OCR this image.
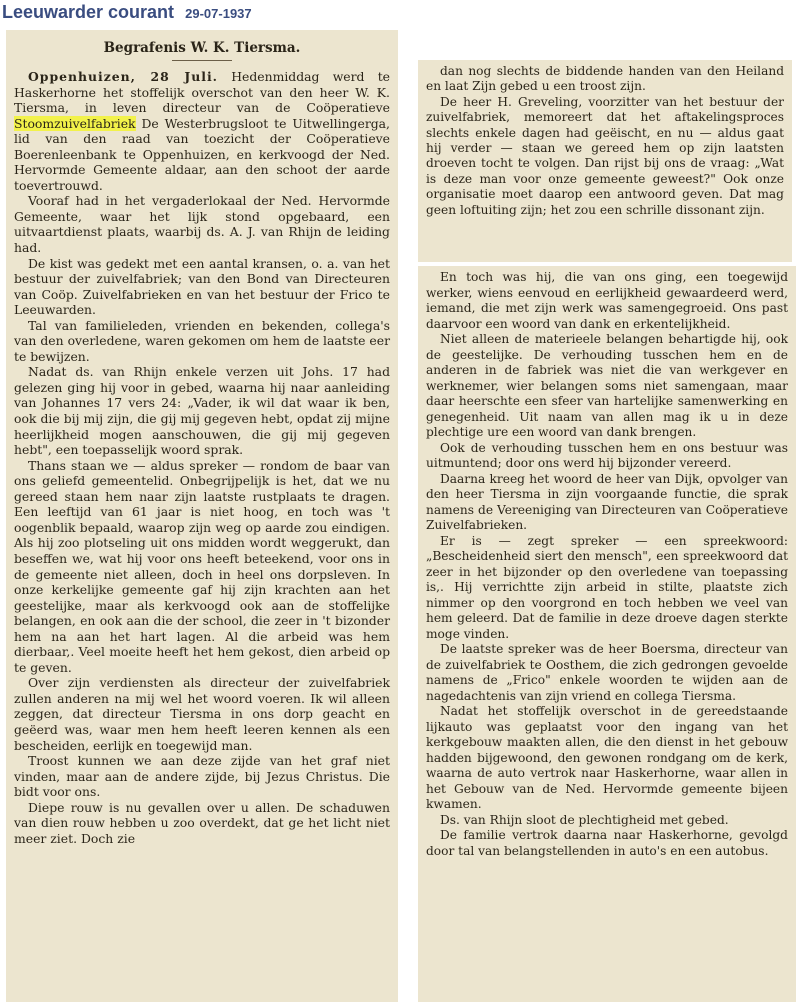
Leeuwarder courant 29-07-1937
Begrafenis W. K. Tiersma.

Oppenhuizen, 28 Juli. Hedenmiddag werd te Haskerhorne het stoffelijk overschot van den heer W. K. Tiersma, in leven directeur van de Coöperatieve Stoomzuivelfabriek De Westerbrugsloot te Uitwellingerga, lid van den raad van toezicht der Coöperatieve Boerenleenbank te Oppenhuizen, en kerkvoogd der Ned. Hervormde Gemeente aldaar, aan den schoot der aarde toevertrouwd.

Vooraf had in het vergaderlokaal der Ned. Hervormde Gemeente, waar het lijk stond opgebaard, een uitvaartdienst plaats, waarbij ds. A. J. van Rhijn de leiding had.

De kist was gedekt met een aantal kransen, o. a. van het bestuur der zuivelfabriek; van den Bond van Directeuren van Coöp. Zuivelfabrieken en van het bestuur der Frico te Leeuwarden.

Tal van familieleden, vrienden en bekenden, collega's van den overledene, waren gekomen om hem de laatste eer te bewijzen.

Nadat ds. van Rhijn enkele verzen uit Johs. 17 had gelezen ging hij voor in gebed, waarna hij naar aanleiding van Johannes 17 vers 24: „Vader, ik wil dat waar ik ben, ook die bij mij zijn, die gij mij gegeven hebt, opdat zij mijne heerlijkheid mogen aanschouwen, die gij mij gegeven hebt", een toepasselijk woord sprak.

Thans staan we — aldus spreker — rondom de baar van ons geliefd gemeentelid. Onbegrijpelijk is het, dat we nu gereed staan hem naar zijn laatste rustplaats te dragen. Een leeftijd van 61 jaar is niet hoog, en toch was 't oogenblik bepaald, waarop zijn weg op aarde zou eindigen. Als hij zoo plotseling uit ons midden wordt weggerukt, dan beseffen we, wat hij voor ons heeft beteekend, voor ons in de gemeente niet alleen, doch in heel ons dorpsleven. In onze kerkelijke gemeente gaf hij zijn krachten aan het geestelijke, maar als kerkvoogd ook aan de stoffelijke belangen, en ook aan die der school, die zeer in 't bizonder hem na aan het hart lagen. Al die arbeid was hem dierbaar,. Veel moeite heeft het hem gekost, dien arbeid op te geven.

Over zijn verdiensten als directeur der zuivelfabriek zullen anderen na mij wel het woord voeren. Ik wil alleen zeggen, dat directeur Tiersma in ons dorp geacht en geëerd was, waar men hem heeft leeren kennen als een bescheiden, eerlijk en toegewijd man.

Troost kunnen we aan deze zijde van het graf niet vinden, maar aan de andere zijde, bij Jezus Christus. Die bidt voor ons.

Diepe rouw is nu gevallen over u allen. De schaduwen van dien rouw hebben u zoo overdekt, dat ge het licht niet meer ziet. Doch zie

dan nog slechts de biddende handen van den Heiland en laat Zijn gebed u een troost zijn.

De heer H. Greveling, voorzitter van het bestuur der zuivelfabriek, memoreert dat het aftakelingsproces slechts enkele dagen had geëischt, en nu — aldus gaat hij verder — staan we gereed hem op zijn laatsten droeven tocht te volgen. Dan rijst bij ons de vraag: „Wat is deze man voor onze gemeente geweest?" Ook onze organisatie moet daarop een antwoord geven. Dat mag geen loftuiting zijn; het zou een schrille dissonant zijn.

En toch was hij, die van ons ging, een toegewijd werker, wiens eenvoud en eerlijkheid gewaardeerd werd, iemand, die met zijn werk was samengegroeid. Ons past daarvoor een woord van dank en erkentelijkheid.

Niet alleen de materieele belangen behartigde hij, ook de geestelijke. De verhouding tusschen hem en de anderen in de fabriek was niet die van werkgever en werknemer, wier belangen soms niet samengaan, maar daar heerschte een sfeer van hartelijke samenwerking en genegenheid. Uit naam van allen mag ik u in deze plechtige ure een woord van dank brengen.

Ook de verhouding tusschen hem en ons bestuur was uitmuntend; door ons werd hij bijzonder vereerd.

Daarna kreeg het woord de heer van Dijk, opvolger van den heer Tiersma in zijn voorgaande functie, die sprak namens de Vereeniging van Directeuren van Coöperatieve Zuivelfabrieken.

Er is — zegt spreker — een spreekwoord: „Bescheidenheid siert den mensch", een spreekwoord dat zeer in het bijzonder op den overledene van toepassing is,. Hij verrichtte zijn arbeid in stilte, plaatste zich nimmer op den voorgrond en toch hebben we veel van hem geleerd. Dat de familie in deze droeve dagen sterkte moge vinden.

De laatste spreker was de heer Boersma, directeur van de zuivelfabriek te Oosthem, die zich gedrongen gevoelde namens de „Frico" enkele woorden te wijden aan de nagedachtenis van zijn vriend en collega Tiersma.

Nadat het stoffelijk overschot in de gereedstaande lijkauto was geplaatst voor den ingang van het kerkgebouw maakten allen, die den dienst in het gebouw hadden bijgewoond, den gewonen rondgang om de kerk, waarna de auto vertrok naar Haskerhorne, waar allen in het Gebouw van de Ned. Hervormde gemeente bijeen kwamen.

Ds. van Rhijn sloot de plechtigheid met gebed.

De familie vertrok daarna naar Haskerhorne, gevolgd door tal van belangstellenden in auto's en een autobus.
